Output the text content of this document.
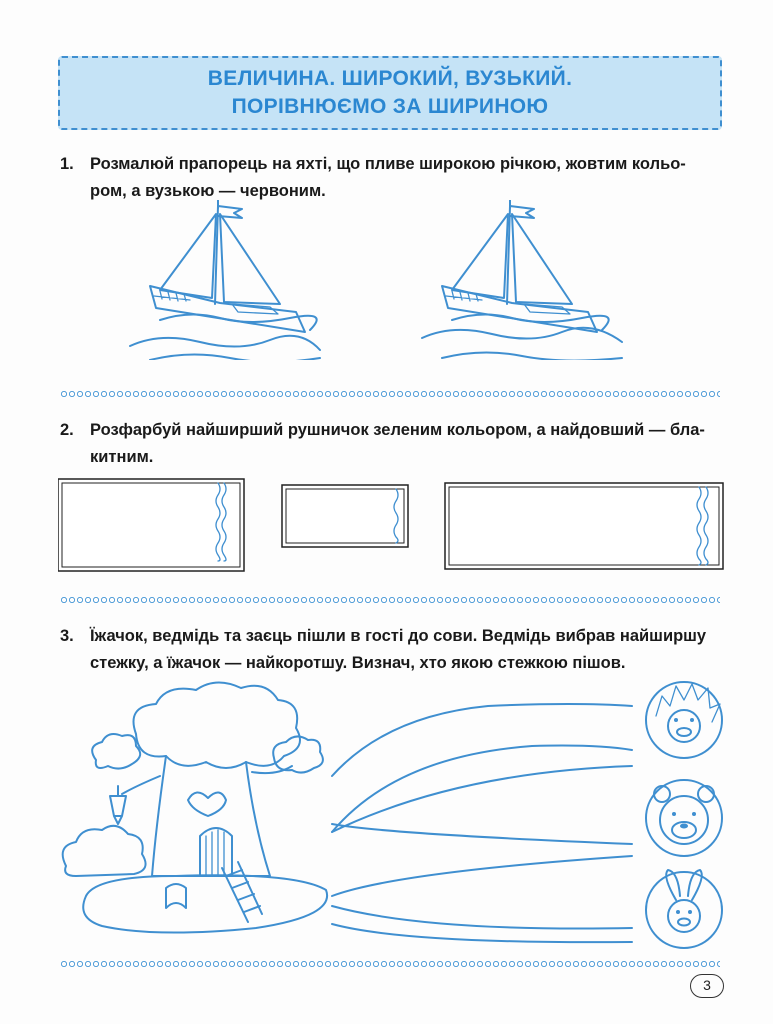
ВЕЛИЧИНА. ШИРОКИЙ, ВУЗЬКИЙ.
ПОРІВНЮЄМО ЗА ШИРИНОЮ
1. Розмалюй прапорець на яхті, що пливе широкою річкою, жовтим кольо-
ром, а вузькою — червоним.
2. Розфарбуй найширший рушничок зеленим кольором, а найдовший — бла-
китним.
3. Їжачок, ведмідь та заєць пішли в гості до сови. Ведмідь вибрав найширшу
стежку, а їжачок — найкоротшу. Визнач, хто якою стежкою пішов.
3
